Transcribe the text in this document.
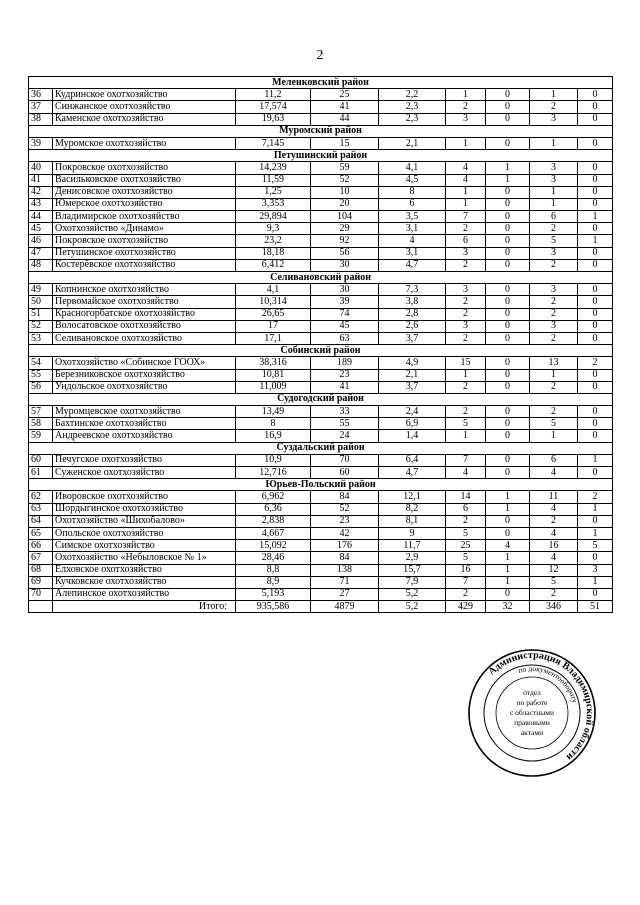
2
Меленковский район								
36	Кудринское охотхозяйство	11,2	25	2,2	1	0	1	0
37	Синжанское охотхозяйство	17,574	41	2,3	2	0	2	0
38	Каменское охотхозяйство	19,63	44	2,3	3	0	3	0
Муромский район								
39	Муромское охотхозяйство	7,145	15	2,1	1	0	1	0
Петушинский район								
40	Покровское охотхозяйство	14,239	59	4,1	4	1	3	0
41	Васильковское охотхозяйство	11,59	52	4,5	4	1	3	0
42	Денисовское охотхозяйство	1,25	10	8	1	0	1	0
43	Юмерское охотхозяйство	3,353	20	6	1	0	1	0
44	Владимирское охотхозяйство	29,894	104	3,5	7	0	6	1
45	Охотхозяйство «Динамо»	9,3	29	3,1	2	0	2	0
46	Покровское охотхозяйство	23,2	92	4	6	0	5	1
47	Петушинское охотхозяйство	18,18	56	3,1	3	0	3	0
48	Костерёвское охотхозяйство	6,412	30	4,7	2	0	2	0
Селивановский район								
49	Копнинское охотхозяйство	4,1	30	7,3	3	0	3	0
50	Первомайское охотхозяйство	10,314	39	3,8	2	0	2	0
51	Красногорбатское охотхозяйство	26,65	74	2,8	2	0	2	0
52	Волосатовское охотхозяйство	17	45	2,6	3	0	3	0
53	Селивановское охотхозяйство	17,1	63	3,7	2	0	2	0
Собинский район								
54	Охотхозяйство «Собинское ГООХ»	38,316	189	4,9	15	0	13	2
55	Березниковское охотхозяйство	10,81	23	2,1	1	0	1	0
56	Ундольское охотхозяйство	11,009	41	3,7	2	0	2	0
Судогодский район								
57	Муромцевское охотхозяйство	13,49	33	2,4	2	0	2	0
58	Бахтинское охотхозяйство	8	55	6,9	5	0	5	0
59	Андреевское охотхозяйство	16,9	24	1,4	1	0	1	0
Суздальский район								
60	Печугское охотхозяйство	10,9	70	6,4	7	0	6	1
61	Суженское охотхозяйство	12,716	60	4,7	4	0	4	0
Юрьев-Польский район								
62	Иворовское охотхозяйство	6,962	84	12,1	14	1	11	2
63	Шордыгинское охотхозяйство	6,36	52	8,2	6	1	4	1
64	Охотхозяйство «Шихобалово»	2,838	23	8,1	2	0	2	0
65	Опольское охотхозяйство	4,667	42	9	5	0	4	1
66	Симское охотхозяйство	15,092	176	11,7	25	4	16	5
67	Охотхозяйство «Небыловское № 1»	28,46	84	2,9	5	1	4	0
68	Елховское охотхозяйство	8,8	138	15,7	16	1	12	3
69	Кучковское охотхозяйство	8,9	71	7,9	7	1	5	1
70	Алепинское охотхозяйство	5,193	27	5,2	2	0	2	0
	Итого:	935,586	4879	5,2	429	32	346	51
Администрация Владимирской области
по документообороту
отдел
по работе
с областными
правовыми
актами
